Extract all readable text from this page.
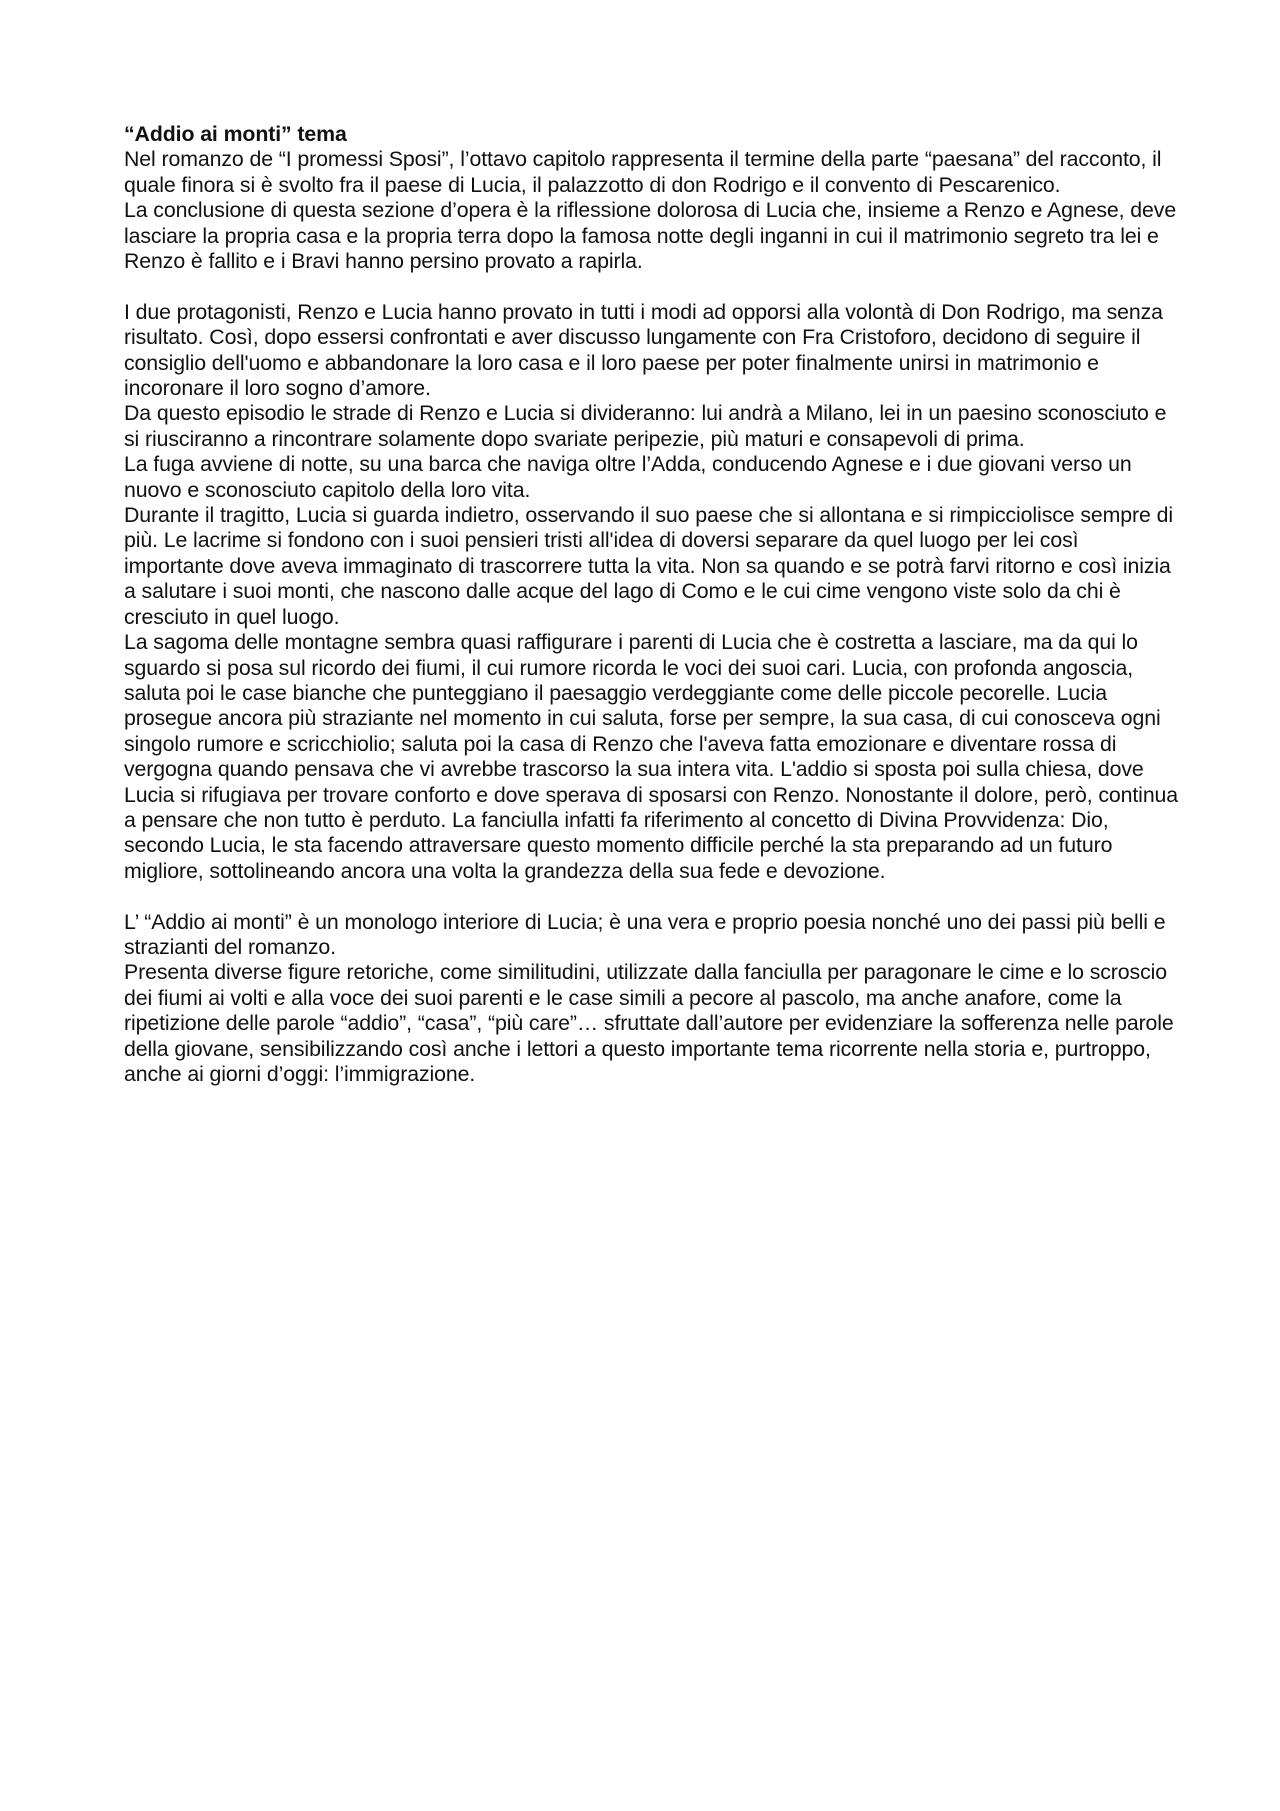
“Addio ai monti” tema

Nel romanzo de “I promessi Sposi”, l’ottavo capitolo rappresenta il termine della parte “paesana” del racconto, il quale finora si è svolto fra il paese di Lucia, il palazzotto di don Rodrigo e il convento di Pescarenico.

La conclusione di questa sezione d’opera è la riflessione dolorosa di Lucia che, insieme a Renzo e Agnese, deve lasciare la propria casa e la propria terra dopo la famosa notte degli inganni in cui il matrimonio segreto tra lei e Renzo è fallito e i Bravi hanno persino provato a rapirla.

I due protagonisti, Renzo e Lucia hanno provato in tutti i modi ad opporsi alla volontà di Don Rodrigo, ma senza risultato. Così, dopo essersi confrontati e aver discusso lungamente con Fra Cristoforo, decidono di seguire il consiglio dell'uomo e abbandonare la loro casa e il loro paese per poter finalmente unirsi in matrimonio e incoronare il loro sogno d’amore.

Da questo episodio le strade di Renzo e Lucia si divideranno: lui andrà a Milano, lei in un paesino sconosciuto e si riusciranno a rincontrare solamente dopo svariate peripezie, più maturi e consapevoli di prima.

La fuga avviene di notte, su una barca che naviga oltre l’Adda, conducendo Agnese e i due giovani verso un nuovo e sconosciuto capitolo della loro vita.

Durante il tragitto, Lucia si guarda indietro, osservando il suo paese che si allontana e si rimpicciolisce sempre di più. Le lacrime si fondono con i suoi pensieri tristi all'idea di doversi separare da quel luogo per lei così importante dove aveva immaginato di trascorrere tutta la vita. Non sa quando e se potrà farvi ritorno e così inizia a salutare i suoi monti, che nascono dalle acque del lago di Como e le cui cime vengono viste solo da chi è cresciuto in quel luogo.

La sagoma delle montagne sembra quasi raffigurare i parenti di Lucia che è costretta a lasciare, ma da qui lo sguardo si posa sul ricordo dei fiumi, il cui rumore ricorda le voci dei suoi cari. Lucia, con profonda angoscia, saluta poi le case bianche che punteggiano il paesaggio verdeggiante come delle piccole pecorelle. Lucia prosegue ancora più straziante nel momento in cui saluta, forse per sempre, la sua casa, di cui conosceva ogni singolo rumore e scricchiolio; saluta poi la casa di Renzo che l'aveva fatta emozionare e diventare rossa di vergogna quando pensava che vi avrebbe trascorso la sua intera vita. L'addio si sposta poi sulla chiesa, dove Lucia si rifugiava per trovare conforto e dove sperava di sposarsi con Renzo. Nonostante il dolore, però, continua a pensare che non tutto è perduto. La fanciulla infatti fa riferimento al concetto di Divina Provvidenza: Dio, secondo Lucia, le sta facendo attraversare questo momento difficile perché la sta preparando ad un futuro migliore, sottolineando ancora una volta la grandezza della sua fede e devozione.

L’ “Addio ai monti” è un monologo interiore di Lucia; è una vera e proprio poesia nonché uno dei passi più belli e strazianti del romanzo.

Presenta diverse figure retoriche, come similitudini, utilizzate dalla fanciulla per paragonare le cime e lo scroscio dei fiumi ai volti e alla voce dei suoi parenti e le case simili a pecore al pascolo, ma anche anafore, come la ripetizione delle parole “addio”, “casa”, “più care”… sfruttate dall’autore per evidenziare la sofferenza nelle parole della giovane, sensibilizzando così anche i lettori a questo importante tema ricorrente nella storia e, purtroppo, anche ai giorni d’oggi: l’immigrazione.
